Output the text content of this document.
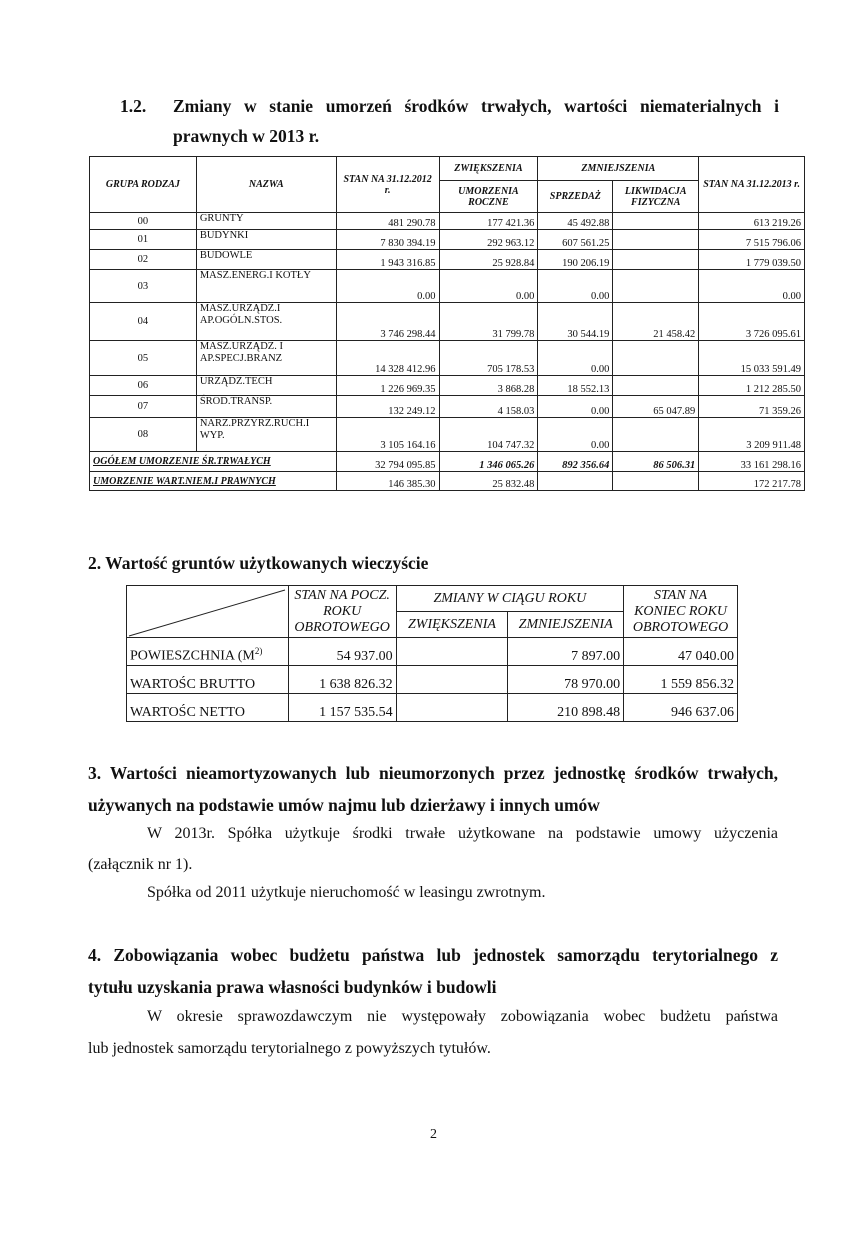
1.2. Zmiany w stanie umorzeń środków trwałych, wartości niematerialnych i
prawnych w 2013 r.
GRUPA RODZAJ	NAZWA	STAN NA 31.12.2012 r.	ZWIĘKSZENIA	ZMNIEJSZENIA		STAN NA 31.12.2013 r.
			UMORZENIA ROCZNE	SPRZEDAŻ	LIKWIDACJA FIZYCZNA	
00	GRUNTY	481 290.78	177 421.36	45 492.88		613 219.26
01	BUDYNKI	7 830 394.19	292 963.12	607 561.25		7 515 796.06
02	BUDOWLE	1 943 316.85	25 928.84	190 206.19		1 779 039.50
03	MASZ.ENERG.I KOTŁY	0.00	0.00	0.00		0.00
04	MASZ.URZĄDZ.I AP.OGÓLN.STOS.	3 746 298.44	31 799.78	30 544.19	21 458.42	3 726 095.61
05	MASZ.URZĄDZ. I AP.SPECJ.BRANZ	14 328 412.96	705 178.53	0.00		15 033 591.49
06	URZĄDZ.TECH	1 226 969.35	3 868.28	18 552.13		1 212 285.50
07	ŚROD.TRANSP.	132 249.12	4 158.03	0.00	65 047.89	71 359.26
08	NARZ.PRZYRZ.RUCH.I WYP.	3 105 164.16	104 747.32	0.00		3 209 911.48
OGÓŁEM UMORZENIE ŚR.TRWAŁYCH		32 794 095.85	1 346 065.26	892 356.64	86 506.31	33 161 298.16
UMORZENIE WART.NIEM.I PRAWNYCH		146 385.30	25 832.48			172 217.78
2. Wartość gruntów użytkowanych wieczyście
	STAN NA POCZ. ROKU OBROTOWEGO	ZMIANY W CIĄGU ROKU		STAN NA KONIEC ROKU OBROTOWEGO
		ZWIĘKSZENIA	ZMNIEJSZENIA	
POWIESZCHNIA ($M^{2)}$	54 937.00		7 897.00	47 040.00
WARTOŚC BRUTTO	1 638 826.32		78 970.00	1 559 856.32
WARTOŚC NETTO	1 157 535.54		210 898.48	946 637.06
3. Wartości nieamortyzowanych lub nieumorzonych przez jednostkę środków trwałych,
używanych na podstawie umów najmu lub dzierżawy i innych umów
W 2013r. Spółka użytkuje środki trwałe użytkowane na podstawie umowy użyczenia
(załącznik nr 1).
Spółka od 2011 użytkuje nieruchomość w leasingu zwrotnym.
4. Zobowiązania wobec budżetu państwa lub jednostek samorządu terytorialnego z
tytułu uzyskania prawa własności budynków i budowli
W okresie sprawozdawczym nie występowały zobowiązania wobec budżetu państwa
lub jednostek samorządu terytorialnego z powyższych tytułów.
2
